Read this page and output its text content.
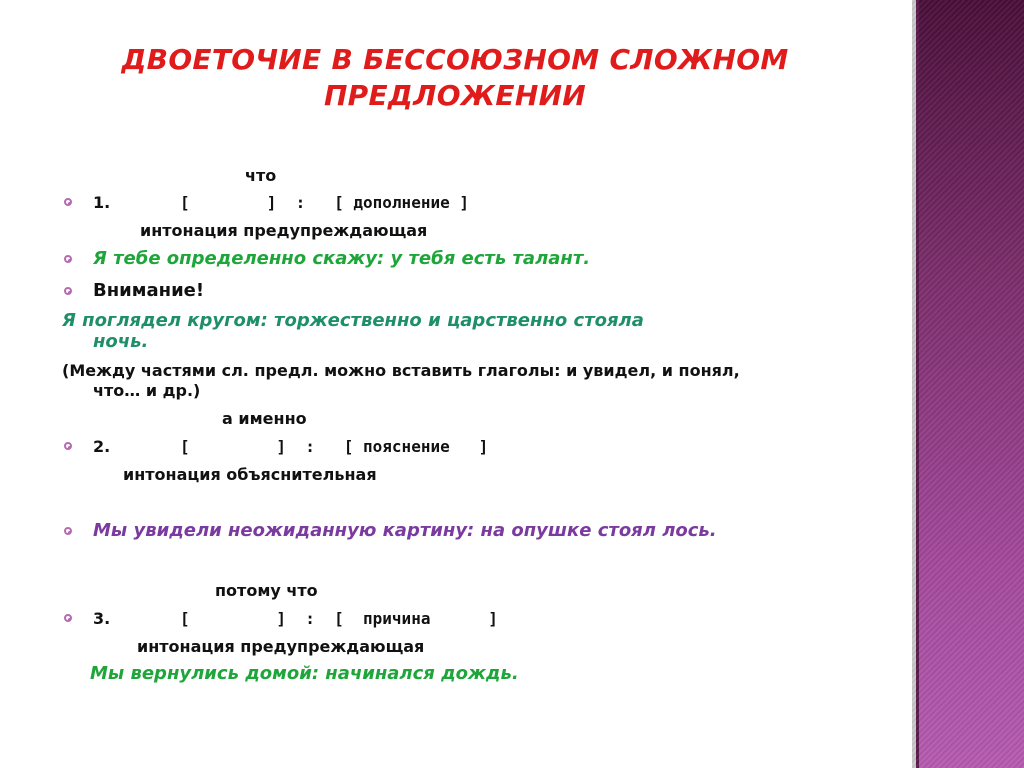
ДВОЕТОЧИЕ В БЕССОЮЗНОМ СЛОЖНОМ ПРЕДЛОЖЕНИИ
что
1.	[        ]  :   [ дополнение ]
интонация предупреждающая
Я тебе определенно скажу: у тебя есть талант.
Внимание!
Я поглядел кругом: торжественно и царственно стояла
ночь.
(Между частями сл. предл. можно вставить глаголы: и увидел, и понял,
что… и др.)
а именно
2.	[         ]  :   [ пояснение   ]
интонация объяснительная
Мы увидели неожиданную картину: на опушке стоял лось.
потому что
3.	[         ]  :  [  причина      ]
интонация предупреждающая
Мы вернулись домой: начинался дождь.
